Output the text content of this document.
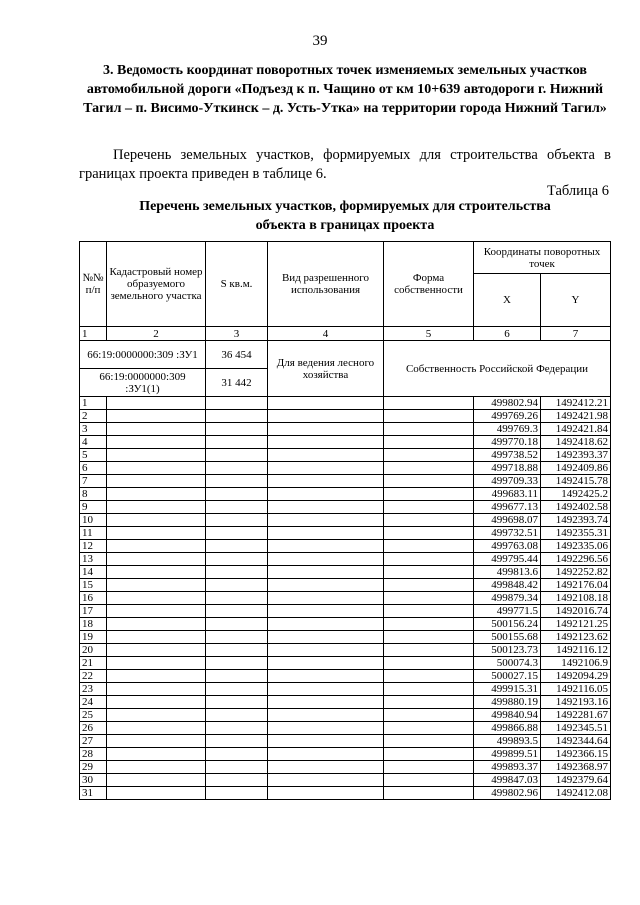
39
3. Ведомость координат поворотных точек изменяемых земельных участков автомобильной дороги «Подъезд к п. Чащино от км 10+639 автодороги г. Нижний Тагил – п. Висимо-Уткинск – д. Усть-Утка» на территории города Нижний Тагил»
Перечень земельных участков, формируемых для строительства объекта в границах проекта приведен в таблице 6.
Таблица 6
Перечень земельных участков, формируемых для строительства объекта в границах проекта
№№ п/п	Кадастровый номер образуемого земельного участка	S кв.м.	Вид разрешенного использования	Форма собственности	Координаты поворотных точек	
					X	Y
1	2	3	4	5	6	7
66:19:0000000:309 :ЗУ1		36 454	Для ведения лесного хозяйства	Собственность Российской Федерации		
66:19:0000000:309 :ЗУ1(1)		31 442				
1					499802.94	1492412.21
2					499769.26	1492421.98
3					499769.3	1492421.84
4					499770.18	1492418.62
5					499738.52	1492393.37
6					499718.88	1492409.86
7					499709.33	1492415.78
8					499683.11	1492425.2
9					499677.13	1492402.58
10					499698.07	1492393.74
11					499732.51	1492355.31
12					499763.08	1492335.06
13					499795.44	1492296.56
14					499813.6	1492252.82
15					499848.42	1492176.04
16					499879.34	1492108.18
17					499771.5	1492016.74
18					500156.24	1492121.25
19					500155.68	1492123.62
20					500123.73	1492116.12
21					500074.3	1492106.9
22					500027.15	1492094.29
23					499915.31	1492116.05
24					499880.19	1492193.16
25					499840.94	1492281.67
26					499866.88	1492345.51
27					499893.5	1492344.64
28					499899.51	1492366.15
29					499893.37	1492368.97
30					499847.03	1492379.64
31					499802.96	1492412.08
